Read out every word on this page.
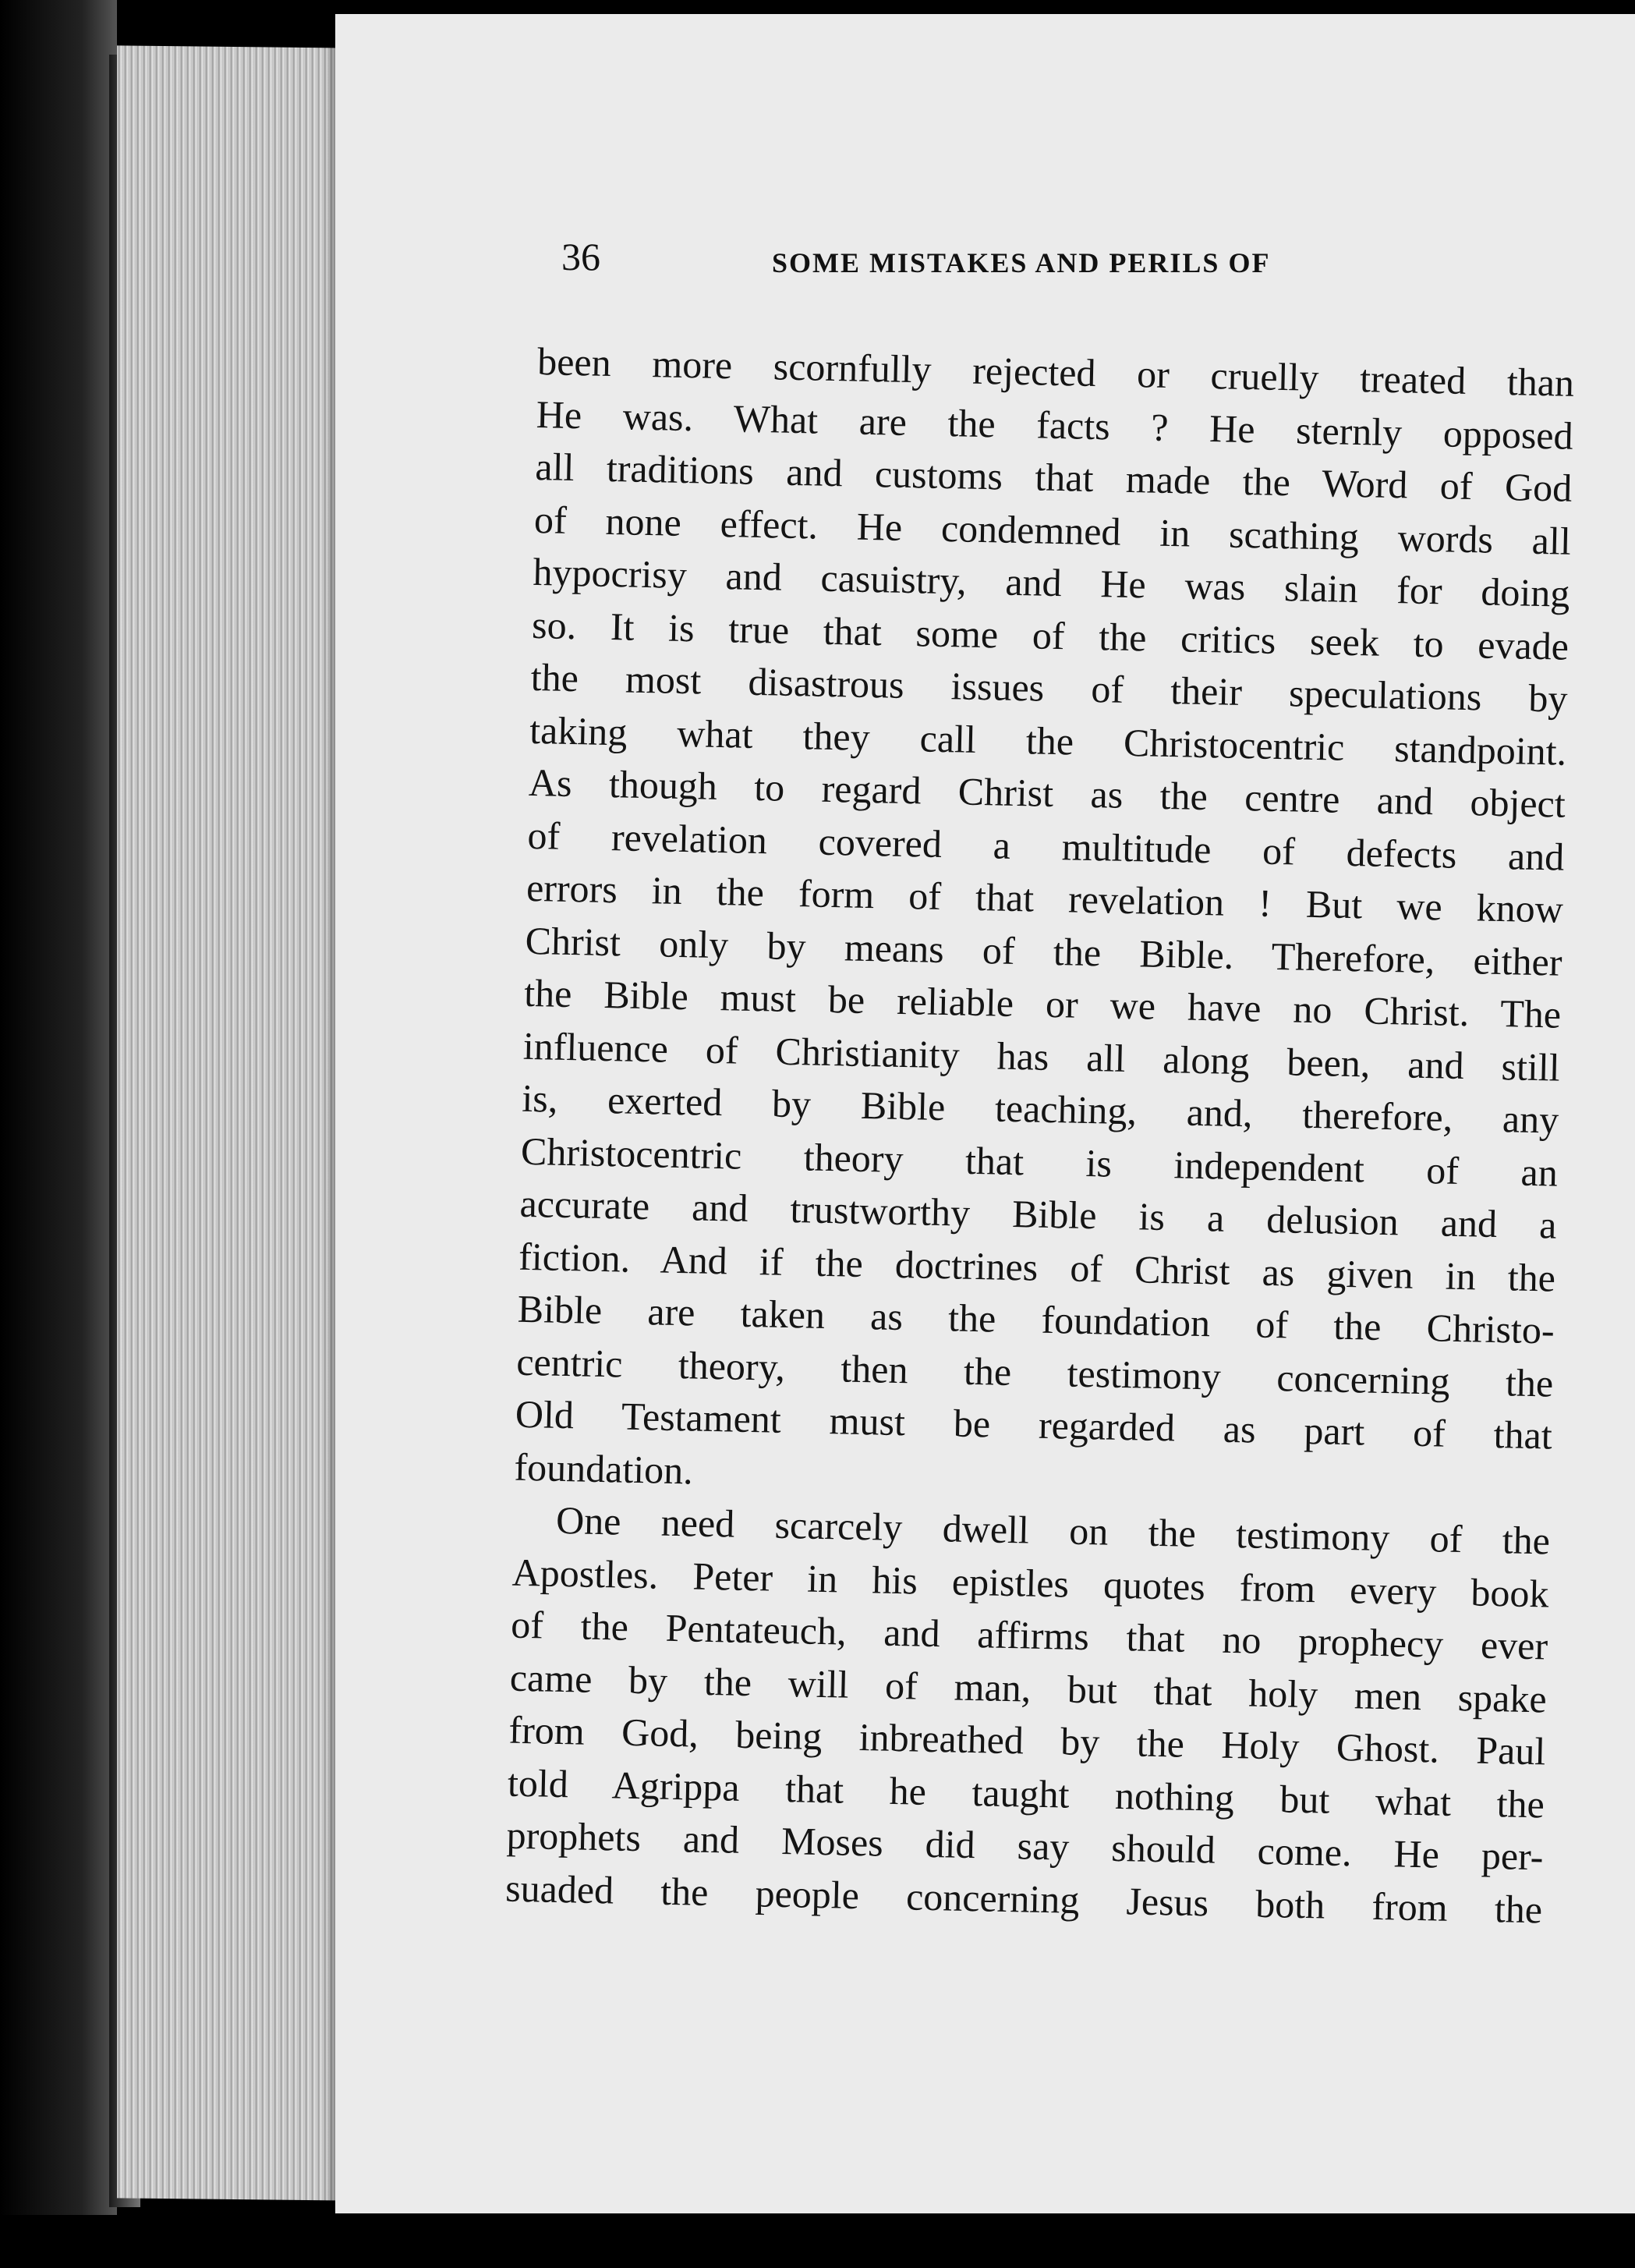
36	SOME MISTAKES AND PERILS OF
been more scornfully rejected or cruelly treated than
He was. What are the facts ? He sternly opposed
all traditions and customs that made the Word of God
of none effect. He condemned in scathing words all
hypocrisy and casuistry, and He was slain for doing
so. It is true that some of the critics seek to evade
the most disastrous issues of their speculations by
taking what they call the Christocentric standpoint.
As though to regard Christ as the centre and object
of revelation covered a multitude of defects and
errors in the form of that revelation ! But we know
Christ only by means of the Bible. Therefore, either
the Bible must be reliable or we have no Christ. The
influence of Christianity has all along been, and still
is, exerted by Bible teaching, and, therefore, any
Christocentric theory that is independent of an
accurate and trustworthy Bible is a delusion and a
fiction. And if the doctrines of Christ as given in the
Bible are taken as the foundation of the Christo-
centric theory, then the testimony concerning the
Old Testament must be regarded as part of that
foundation.
One need scarcely dwell on the testimony of the
Apostles. Peter in his epistles quotes from every book
of the Pentateuch, and affirms that no prophecy ever
came by the will of man, but that holy men spake
from God, being inbreathed by the Holy Ghost. Paul
told Agrippa that he taught nothing but what the
prophets and Moses did say should come. He per-
suaded the people concerning Jesus both from the
